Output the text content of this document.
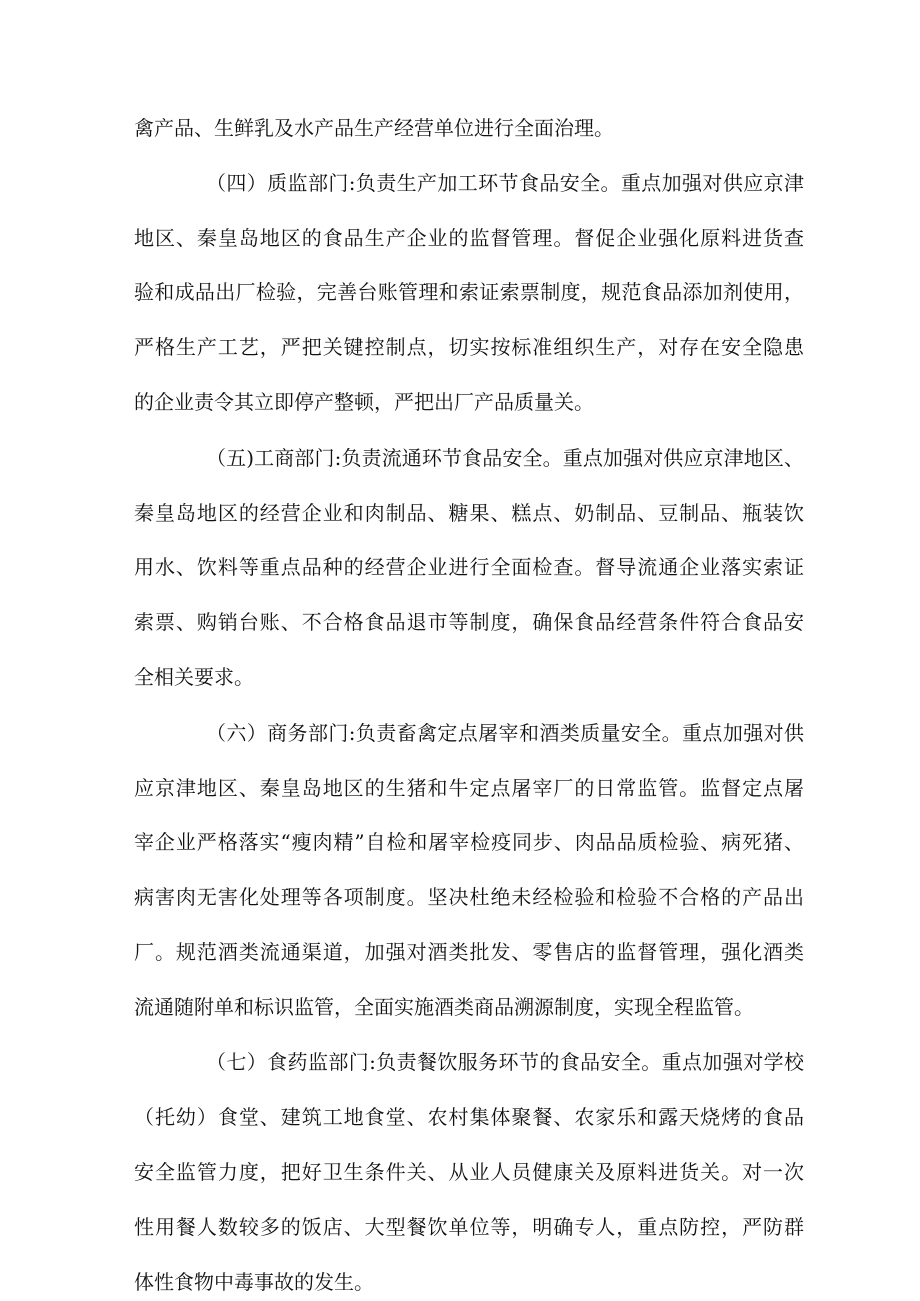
禽产品、生鲜乳及水产品生产经营单位进行全面治理。
（四）质监部门:负责生产加工环节食品安全。重点加强对供应京津
地区、秦皇岛地区的食品生产企业的监督管理。督促企业强化原料进货查
验和成品出厂检验，完善台账管理和索证索票制度，规范食品添加剂使用，
严格生产工艺，严把关键控制点，切实按标准组织生产，对存在安全隐患
的企业责令其立即停产整顿，严把出厂产品质量关。
（五)工商部门:负责流通环节食品安全。重点加强对供应京津地区、
秦皇岛地区的经营企业和肉制品、糖果、糕点、奶制品、豆制品、瓶装饮
用水、饮料等重点品种的经营企业进行全面检查。督导流通企业落实索证
索票、购销台账、不合格食品退市等制度，确保食品经营条件符合食品安
全相关要求。
（六）商务部门:负责畜禽定点屠宰和酒类质量安全。重点加强对供
应京津地区、秦皇岛地区的生猪和牛定点屠宰厂的日常监管。监督定点屠
宰企业严格落实“瘦肉精”自检和屠宰检疫同步、肉品品质检验、病死猪、
病害肉无害化处理等各项制度。坚决杜绝未经检验和检验不合格的产品出
厂。规范酒类流通渠道，加强对酒类批发、零售店的监督管理，强化酒类
流通随附单和标识监管，全面实施酒类商品溯源制度，实现全程监管。
（七）食药监部门:负责餐饮服务环节的食品安全。重点加强对学校
（托幼）食堂、建筑工地食堂、农村集体聚餐、农家乐和露天烧烤的食品
安全监管力度，把好卫生条件关、从业人员健康关及原料进货关。对一次
性用餐人数较多的饭店、大型餐饮单位等，明确专人，重点防控，严防群
体性食物中毒事故的发生。
